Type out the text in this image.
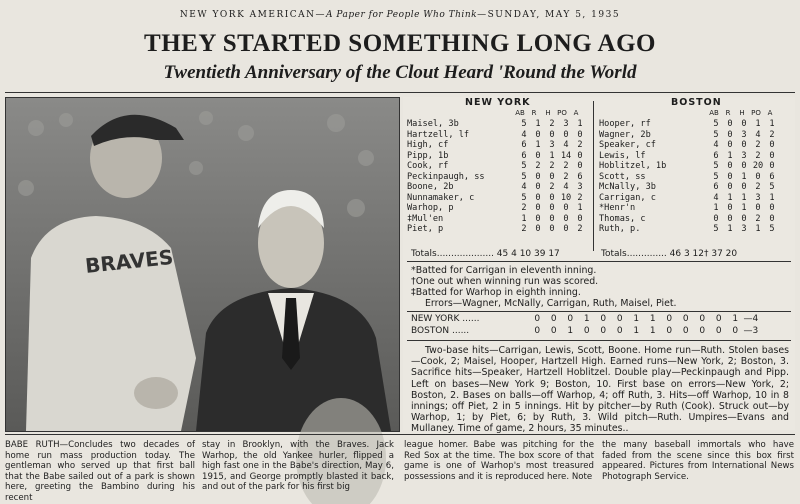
NEW YORK AMERICAN—A Paper for People Who Think—SUNDAY, MAY 5, 1935
THEY STARTED SOMETHING LONG AGO
Twentieth Anniversary of the Clout Heard 'Round the World
BRAVES
NEW YORK	BOSTON
AB R H PO A	AB R H PO A
Maisel, 3b	5	1	2	3	1
Hartzell, lf	4	0	0	0	0
High, cf	6	1	3	4	2
Pipp, 1b	6	0	1	14	0
Cook, rf	5	2	2	2	0
Peckinpaugh, ss	5	0	0	2	6
Boone, 2b	4	0	2	4	3
Nunnamaker, c	5	0	0	10	2
Warhop, p	2	0	0	0	1
‡Mul'en	1	0	0	0	0
Piet, p	2	0	0	0	2
Hooper, rf	5	0	0	1	1
Wagner, 2b	5	0	3	4	2
Speaker, cf	4	0	0	2	0
Lewis, lf	6	1	3	2	0
Hoblitzel, 1b	5	0	0	20	0
Scott, ss	5	0	1	0	6
McNally, 3b	6	0	0	2	5
Carrigan, c	4	1	1	3	1
*Henr'n	1	0	1	0	0
Thomas, c	0	0	0	2	0
Ruth, p.	5	1	3	1	5
Totals.................... 45 4 10 39 17	Totals.............. 46 3 12† 37 20
*Batted for Carrigan in eleventh inning.
†One out when winning run was scored.
‡Batted for Warhop in eighth inning.
Errors—Wagner, McNally, Carrigan, Ruth, Maisel, Piet.
NEW YORK ......	0 0 0 1 0 0 1 1 0 0 0 0 1 —4
BOSTON ......	0 0 1 0 0 0 1 1 0 0 0 0 0 —3
Two-base hits—Carrigan, Lewis, Scott, Boone. Home run—Ruth. Stolen bases—Cook, 2; Maisel, Hooper, Hartzell High. Earned runs—New York, 2; Boston, 3. Sacrifice hits—Speaker, Hartzell Hoblitzel. Double play—Peckinpaugh and Pipp. Left on bases—New York 9; Boston, 10. First base on errors—New York, 2; Boston, 2. Bases on balls—off Warhop, 4; off Ruth, 3. Hits—off Warhop, 10 in 8 innings; off Piet, 2 in 5 innings. Hit by pitcher—by Ruth (Cook). Struck out—by Warhop, 1; by Piet, 6; by Ruth, 3. Wild pitch—Ruth. Umpires—Evans and Mullaney. Time of game, 2 hours, 35 minutes..
BABE RUTH—Concludes two decades of home run mass production today. The gentleman who served up that first ball that the Babe sailed out of a park is shown here, greeting the Bambino during his recent
stay in Brooklyn, with the Braves. Jack Warhop, the old Yankee hurler, flipped a high fast one in the Babe's direction, May 6, 1915, and George promptly blasted it back, and out of the park for his first big
league homer. Babe was pitching for the Red Sox at the time. The box score of that game is one of Warhop's most treasured possessions and it is reproduced here. Note
the many baseball immortals who have faded from the scene since this box first appeared. Pictures from International News Photograph Service.
